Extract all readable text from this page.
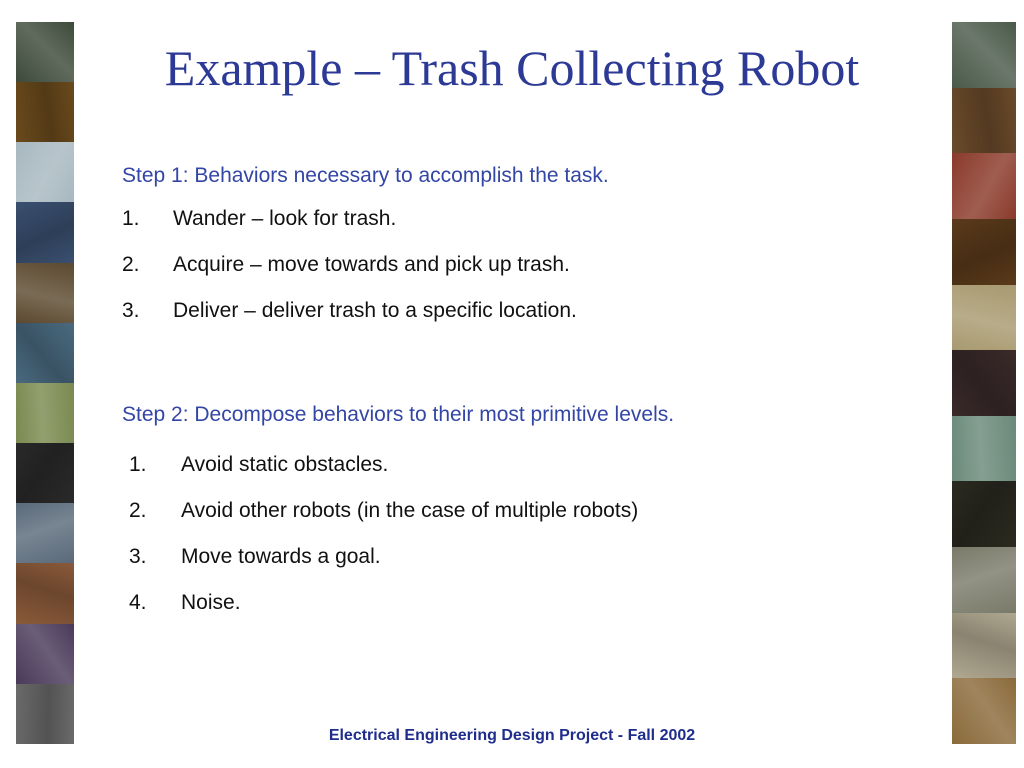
Example – Trash Collecting Robot
Step 1: Behaviors necessary to accomplish the task.
1. Wander – look for trash.
2. Acquire – move towards and pick up trash.
3. Deliver – deliver trash to a specific location.
Step 2: Decompose behaviors to their most primitive levels.
1. Avoid static obstacles.
2. Avoid other robots (in the case of multiple robots)
3. Move towards a goal.
4. Noise.
Electrical Engineering Design Project - Fall 2002
